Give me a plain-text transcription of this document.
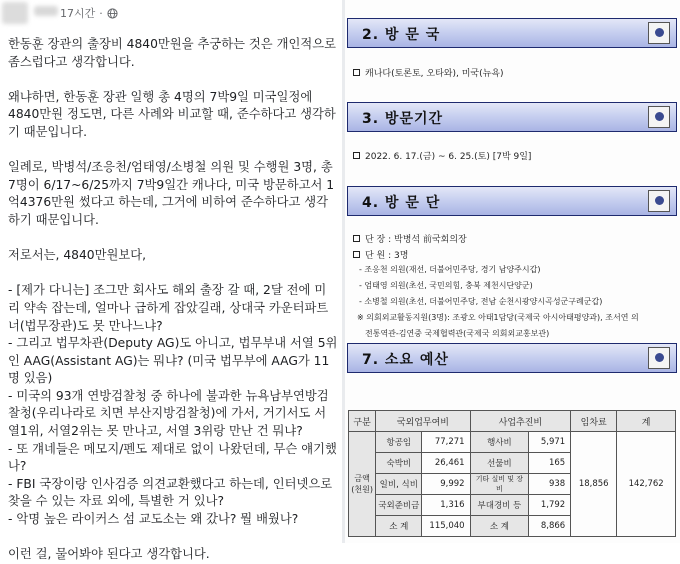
17시간 ·

한동훈 장관의 출장비 4840만원을 추궁하는 것은 개인적으로 좀스럽다고 생각합니다.

왜냐하면, 한동훈 장관 일행 총 4명의 7박9일 미국일정에 4840만원 정도면, 다른 사례와 비교할 때, 준수하다고 생각하기 때문입니다.

일례로, 박병석/조응천/엄태영/소병철 의원 및 수행원 3명, 총 7명이 6/17~6/25까지 7박9일간 캐나다, 미국 방문하고서 1억4376만원 썼다고 하는데, 그거에 비하여 준수하다고 생각하기 때문입니다.

저로서는, 4840만원보다,

- [제가 다니는] 조그만 회사도 해외 출장 갈 때, 2달 전에 미리 약속 잡는데, 얼마나 급하게 잡았길래, 상대국 카운터파트너(법무장관)도 못 만나느냐?

- 그리고 법무차관(Deputy AG)도 아니고, 법무부내 서열 5위인 AAG(Assistant AG)는 뭐냐? (미국 법무부에 AAG가 11명 있음)

- 미국의 93개 연방검찰청 중 하나에 불과한 뉴욕남부연방검찰청(우리나라로 치면 부산지방검찰청)에 가서, 거기서도 서열1위, 서열2위는 못 만나고, 서열 3위랑 만난 건 뭐냐?

- 또 걔네들은 메모지/펜도 제대로 없이 나왔던데, 무슨 얘기했나?

- FBI 국장이랑 인사검증 의견교환했다고 하는데, 인터넷으로 찾을 수 있는 자료 외에, 특별한 거 있나?

- 악명 높은 라이커스 섬 교도소는 왜 갔나? 뭘 배웠나?

이런 걸, 물어봐야 된다고 생각합니다.

2. 방 문 국
캐나다(토론토, 오타와), 미국(뉴욕)
3. 방문기간
2022. 6. 17.(금) ~ 6. 25.(토) [7박 9일]
4. 방 문 단
단 장 : 박병석 前국회의장
단 원 : 3명
- 조응천 의원(재선, 더불어민주당, 경기 남양주시갑)
- 엄태영 의원(초선, 국민의힘, 충북 제천시단양군)
- 소병철 의원(초선, 더불어민주당, 전남 순천시광양시곡성군구례군갑)
※ 의회외교활동지원(3명): 조광오 아태1담당(국제국 아시아태평양과), 조서연 의
전통역관-김연중 국제협력관(국제국 의회외교홍보관)
7. 소요 예산
구분	국외업무여비		사업추진비		임차료	계
금액
(천원)	항공임	77,271	행사비	5,971	18,856	142,762
	숙박비	26,461	선물비	165		
	일비, 식비	9,992	기타 실비 및 장비	938		
	국외준비금	1,316	부대경비 등	1,792		
	소 계	115,040	소 계	8,866		
